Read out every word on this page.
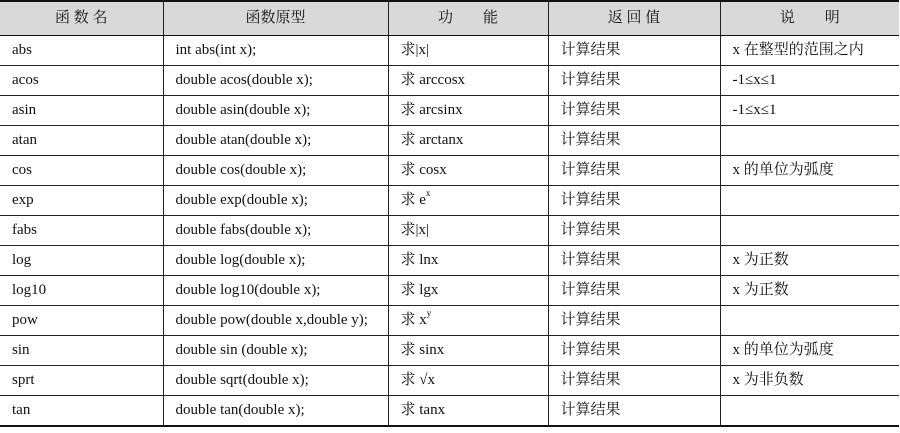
函 数 名	函数原型	功　　能	返 回 值	说　　明
abs	int abs(int x);	求|x|	计算结果	x 在整型的范围之内
acos	double acos(double x);	求 arccosx	计算结果	-1≤x≤1
asin	double asin(double x);	求 arcsinx	计算结果	-1≤x≤1
atan	double atan(double x);	求 arctanx	计算结果	
cos	double cos(double x);	求 cosx	计算结果	x 的单位为弧度
exp	double exp(double x);	求 $e^x$	计算结果	
fabs	double fabs(double x);	求|x|	计算结果	
log	double log(double x);	求 lnx	计算结果	x 为正数
log10	double log10(double x);	求 lgx	计算结果	x 为正数
pow	double pow(double x,double y);	求 $x^y$	计算结果	
sin	double sin (double x);	求 sinx	计算结果	x 的单位为弧度
sprt	double sqrt(double x);	求 √x	计算结果	x 为非负数
tan	double tan(double x);	求 tanx	计算结果	
